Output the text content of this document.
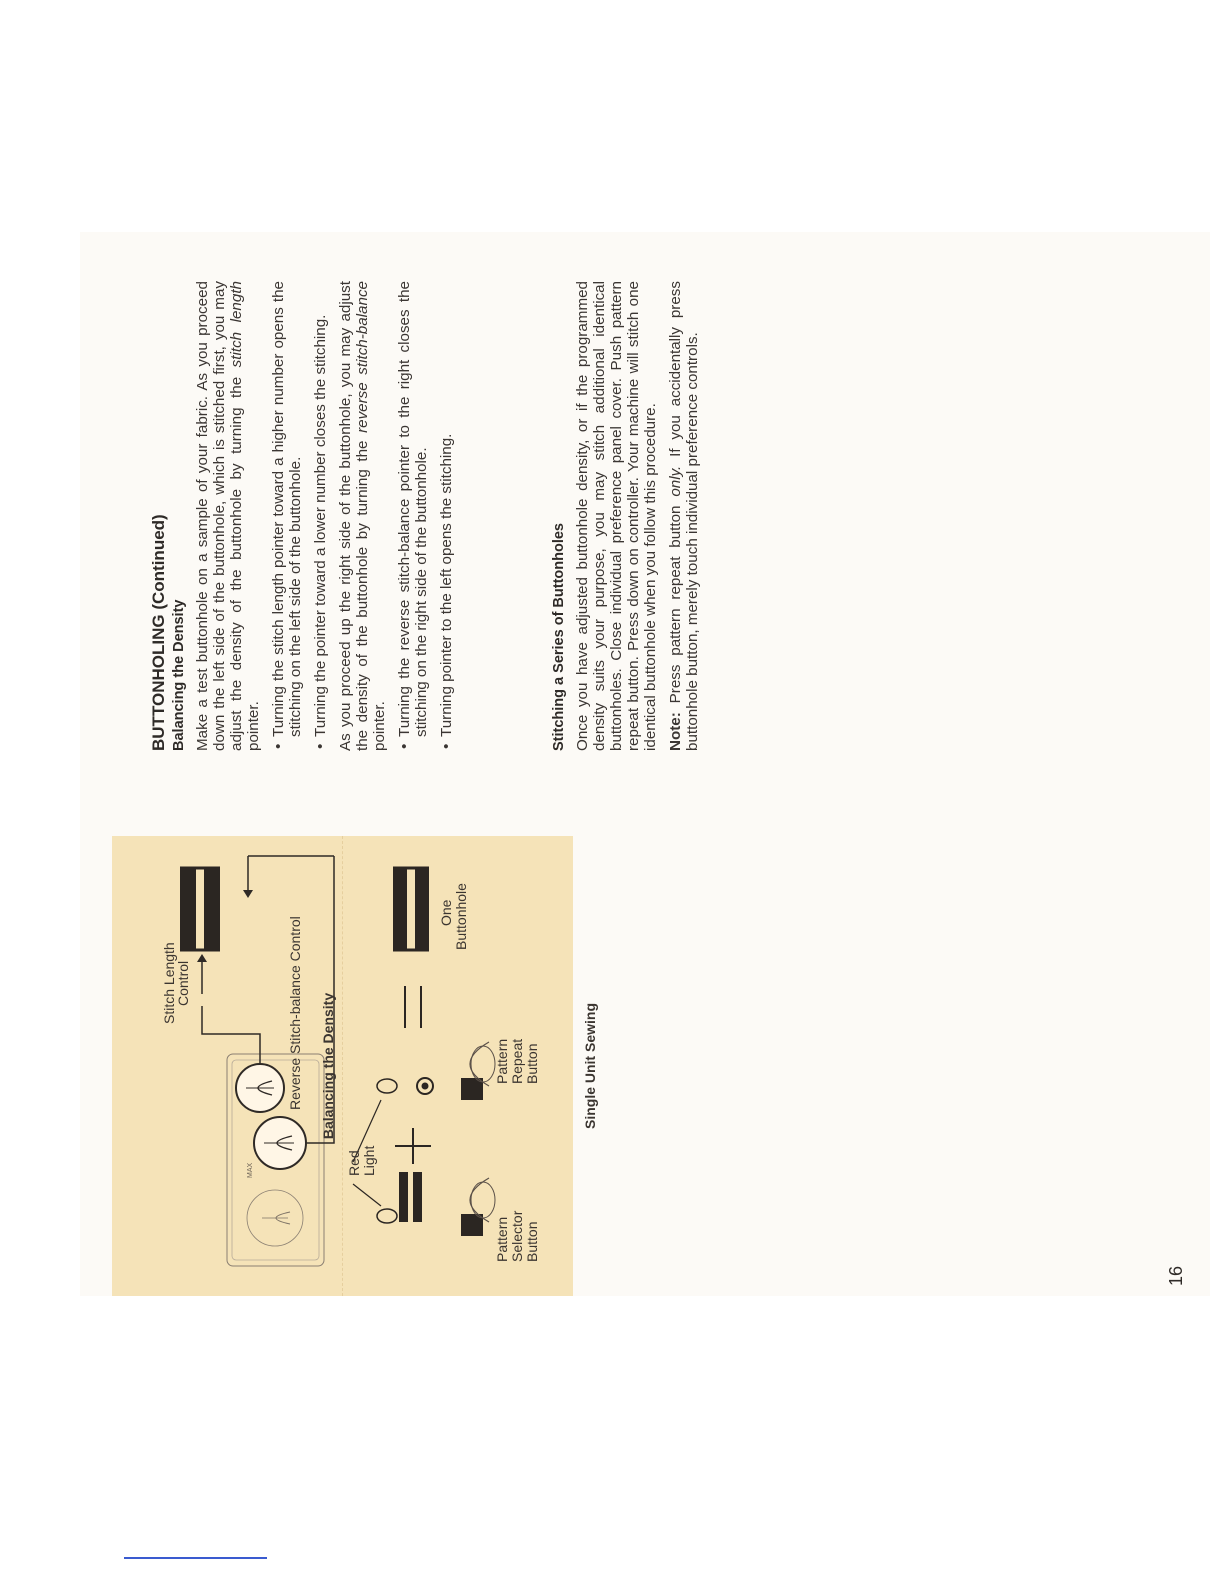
MAX
Stitch Length
Control	Reverse Stitch-balance Control Balancing the Density
Red Light
Pattern Selector Button
Pattern Repeat Button
One Buttonhole
Single Unit Sewing
16
BUTTONHOLING (Continued) Balancing the Density Make a test buttonhole on a sample of your fabric. As you proceed down the left side of the buttonhole, which is stitched first, you may adjust the density of the buttonhole by turning the stitch length pointer. • Turning the stitch length pointer toward a higher number opens the stitching on the left side of the buttonhole. • Turning the pointer toward a lower number closes the stitching. As you proceed up the right side of the buttonhole, you may adjust the density of the buttonhole by turning the reverse stitch-balance pointer. • Turning the reverse stitch-balance pointer to the right closes the stitching on the right side of the buttonhole. • Turning pointer to the left opens the stitching.	Stitching a Series of Buttonholes Once you have adjusted buttonhole density, or if the programmed density suits your purpose, you may stitch additional identical buttonholes. Close individual preference panel cover. Push pattern repeat button. Press down on controller. Your machine will stitch one identical buttonhole when you follow this procedure. Note: Press pattern repeat button only. If you accidentally press buttonhole button, merely touch individual preference controls.
